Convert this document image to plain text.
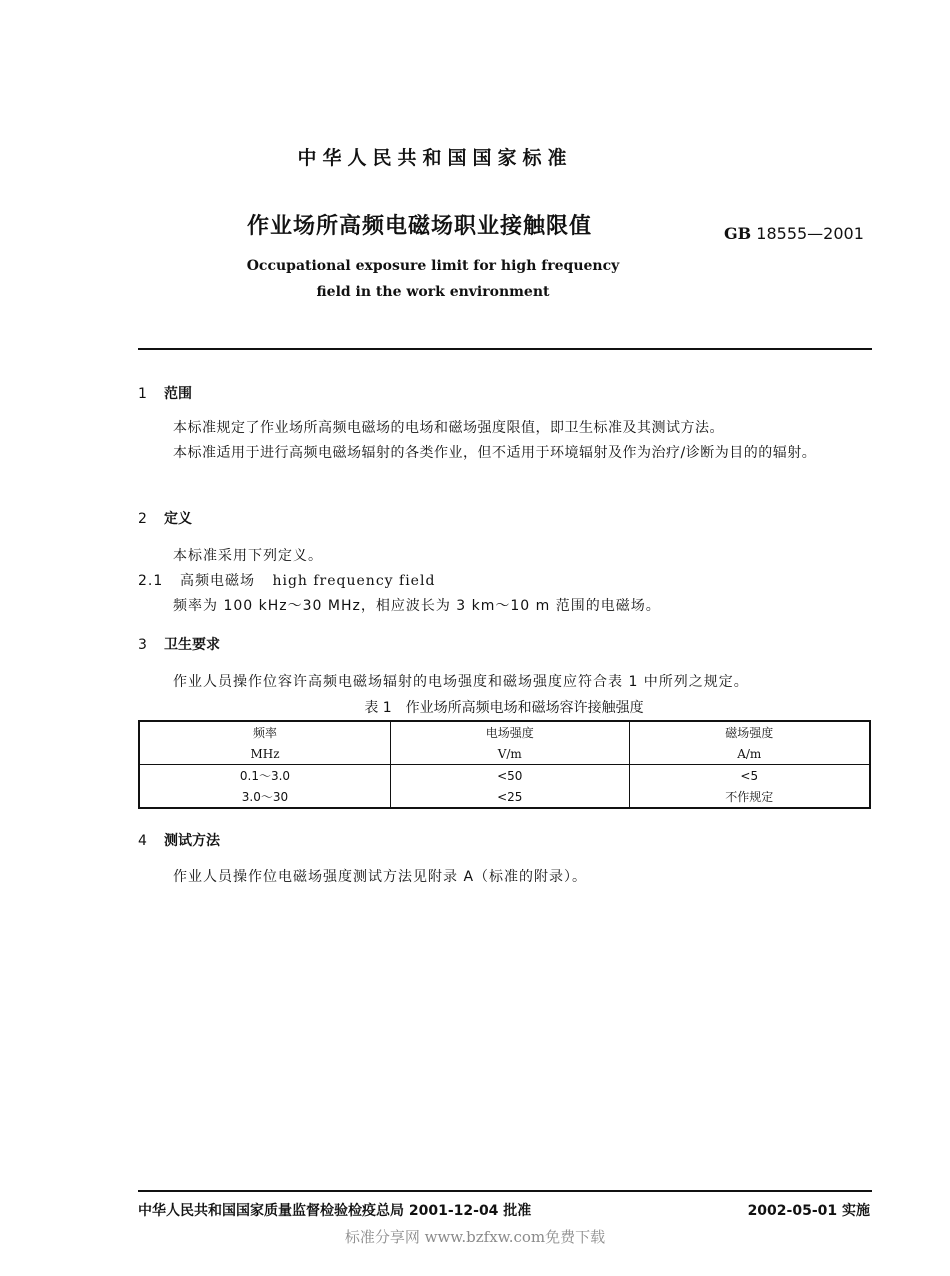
中华人民共和国国家标准
作业场所高频电磁场职业接触限值	GB 18555—2001
Occupational exposure limit for high frequency
field in the work environment
1 范围
本标准规定了作业场所高频电磁场的电场和磁场强度限值，即卫生标准及其测试方法。
本标准适用于进行高频电磁场辐射的各类作业，但不适用于环境辐射及作为治疗/诊断为目的的辐射。
2 定义
本标准采用下列定义。
2.1 高频电磁场 high frequency field
频率为 100 kHz～30 MHz，相应波长为 3 km～10 m 范围的电磁场。
3 卫生要求
作业人员操作位容许高频电磁场辐射的电场强度和磁场强度应符合表 1 中所列之规定。
表 1　作业场所高频电场和磁场容许接触强度
频率	电场强度	磁场强度
MHz	V/m	A/m
0.1～3.0	<50	<5
3.0～30	<25	不作规定
4 测试方法
作业人员操作位电磁场强度测试方法见附录 A（标准的附录）。
中华人民共和国国家质量监督检验检疫总局 2001-12-04 批准	2002-05-01 实施
标准分享网 www.bzfxw.com免费下载
